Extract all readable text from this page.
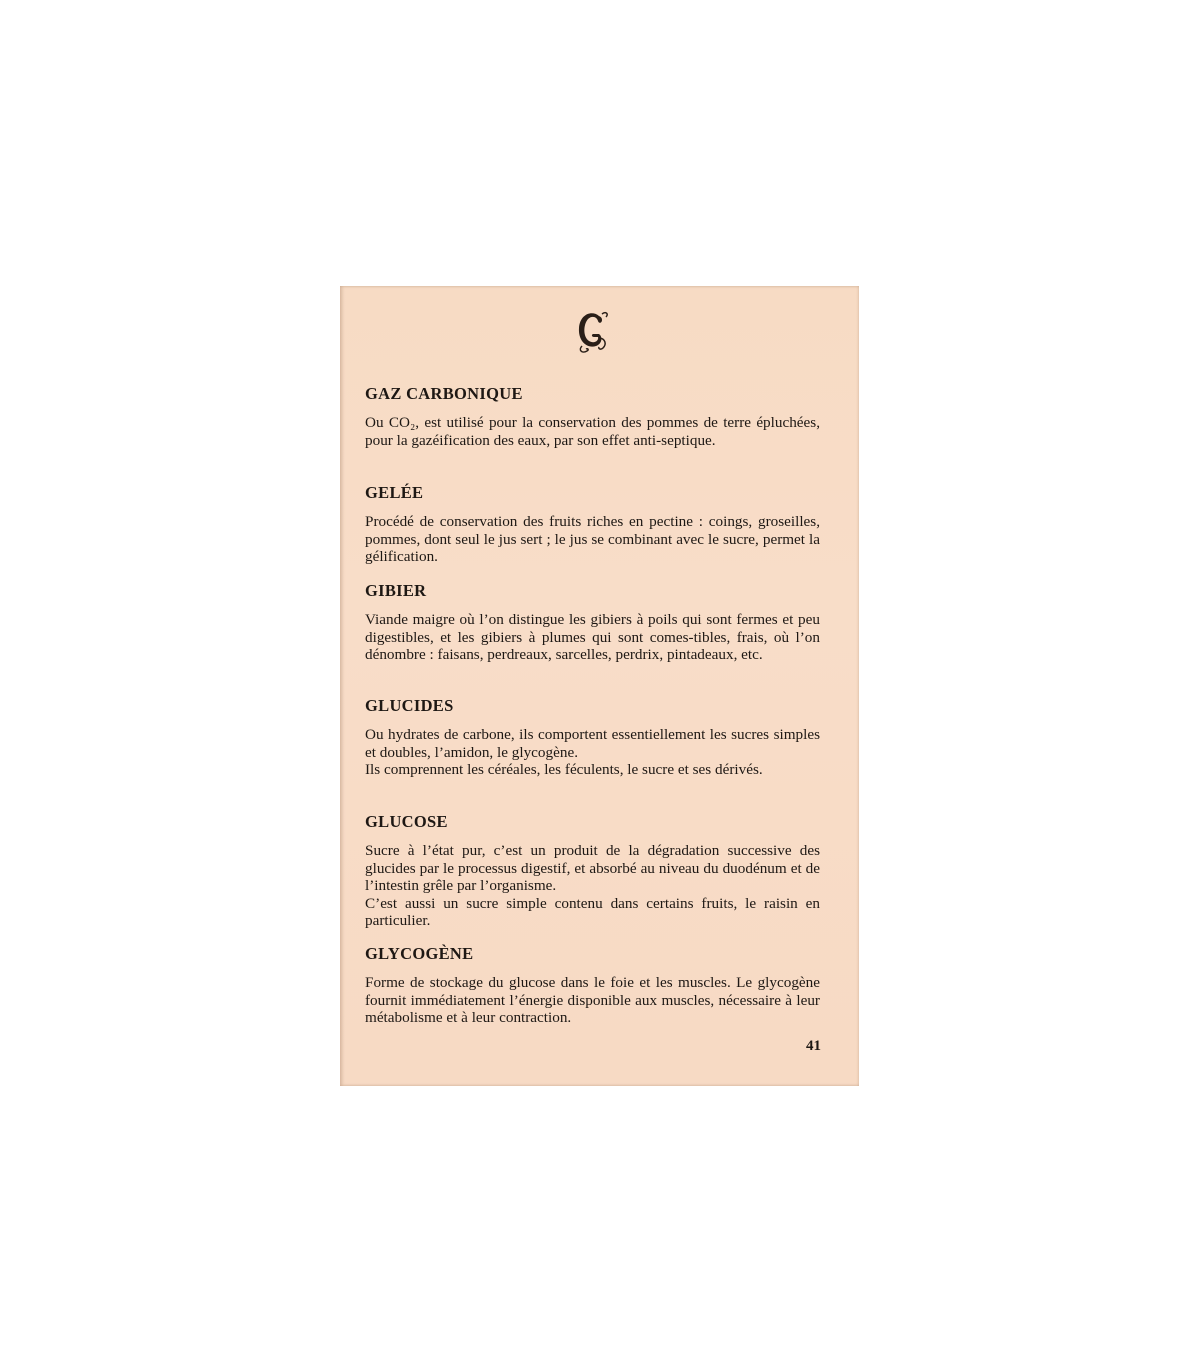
GAZ CARBONIQUE

Ou CO₂, est utilisé pour la conservation des pommes de terre épluchées, pour la gazéification des eaux, par son effet anti-septique.

GELÉE

Procédé de conservation des fruits riches en pectine : coings, groseilles, pommes, dont seul le jus sert ; le jus se combinant avec le sucre, permet la gélification.

GIBIER

Viande maigre où l’on distingue les gibiers à poils qui sont fermes et peu digestibles, et les gibiers à plumes qui sont comes-tibles, frais, où l’on dénombre : faisans, perdreaux, sarcelles, perdrix, pintadeaux, etc.

GLUCIDES

Ou hydrates de carbone, ils comportent essentiellement les sucres simples et doubles, l’amidon, le glycogène.

Ils comprennent les céréales, les féculents, le sucre et ses dérivés.

GLUCOSE

Sucre à l’état pur, c’est un produit de la dégradation successive des glucides par le processus digestif, et absorbé au niveau du duodénum et de l’intestin grêle par l’organisme.

C’est aussi un sucre simple contenu dans certains fruits, le raisin en particulier.

GLYCOGÈNE

Forme de stockage du glucose dans le foie et les muscles. Le glycogène fournit immédiatement l’énergie disponible aux muscles, nécessaire à leur métabolisme et à leur contraction.

41
